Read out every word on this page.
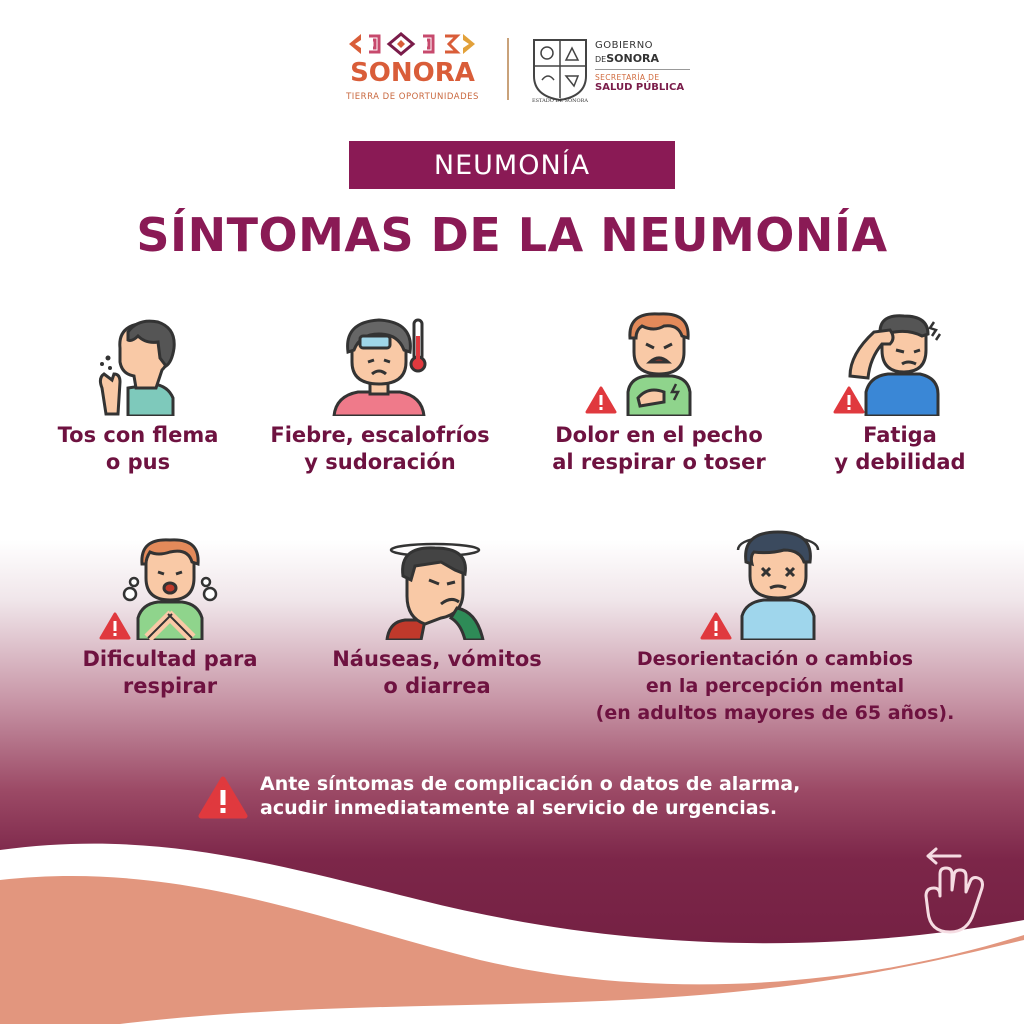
SONORA
TIERRA DE OPORTUNIDADES
GOBIERNO
DESONORA
SECRETARÍA DE
SALUD PÚBLICA
ESTADO DE SONORA
NEUMONÍA
SÍNTOMAS DE LA NEUMONÍA
Tos con flema
o pus
Fiebre, escalofríos
y sudoración
Dolor en el pecho
al respirar o toser
Fatiga
y debilidad
Dificultad para
respirar
Náuseas, vómitos
o diarrea
Desorientación o cambios
en la percepción mental
(en adultos mayores de 65 años).
Ante síntomas de complicación o datos de alarma,
acudir inmediatamente al servicio de urgencias.
